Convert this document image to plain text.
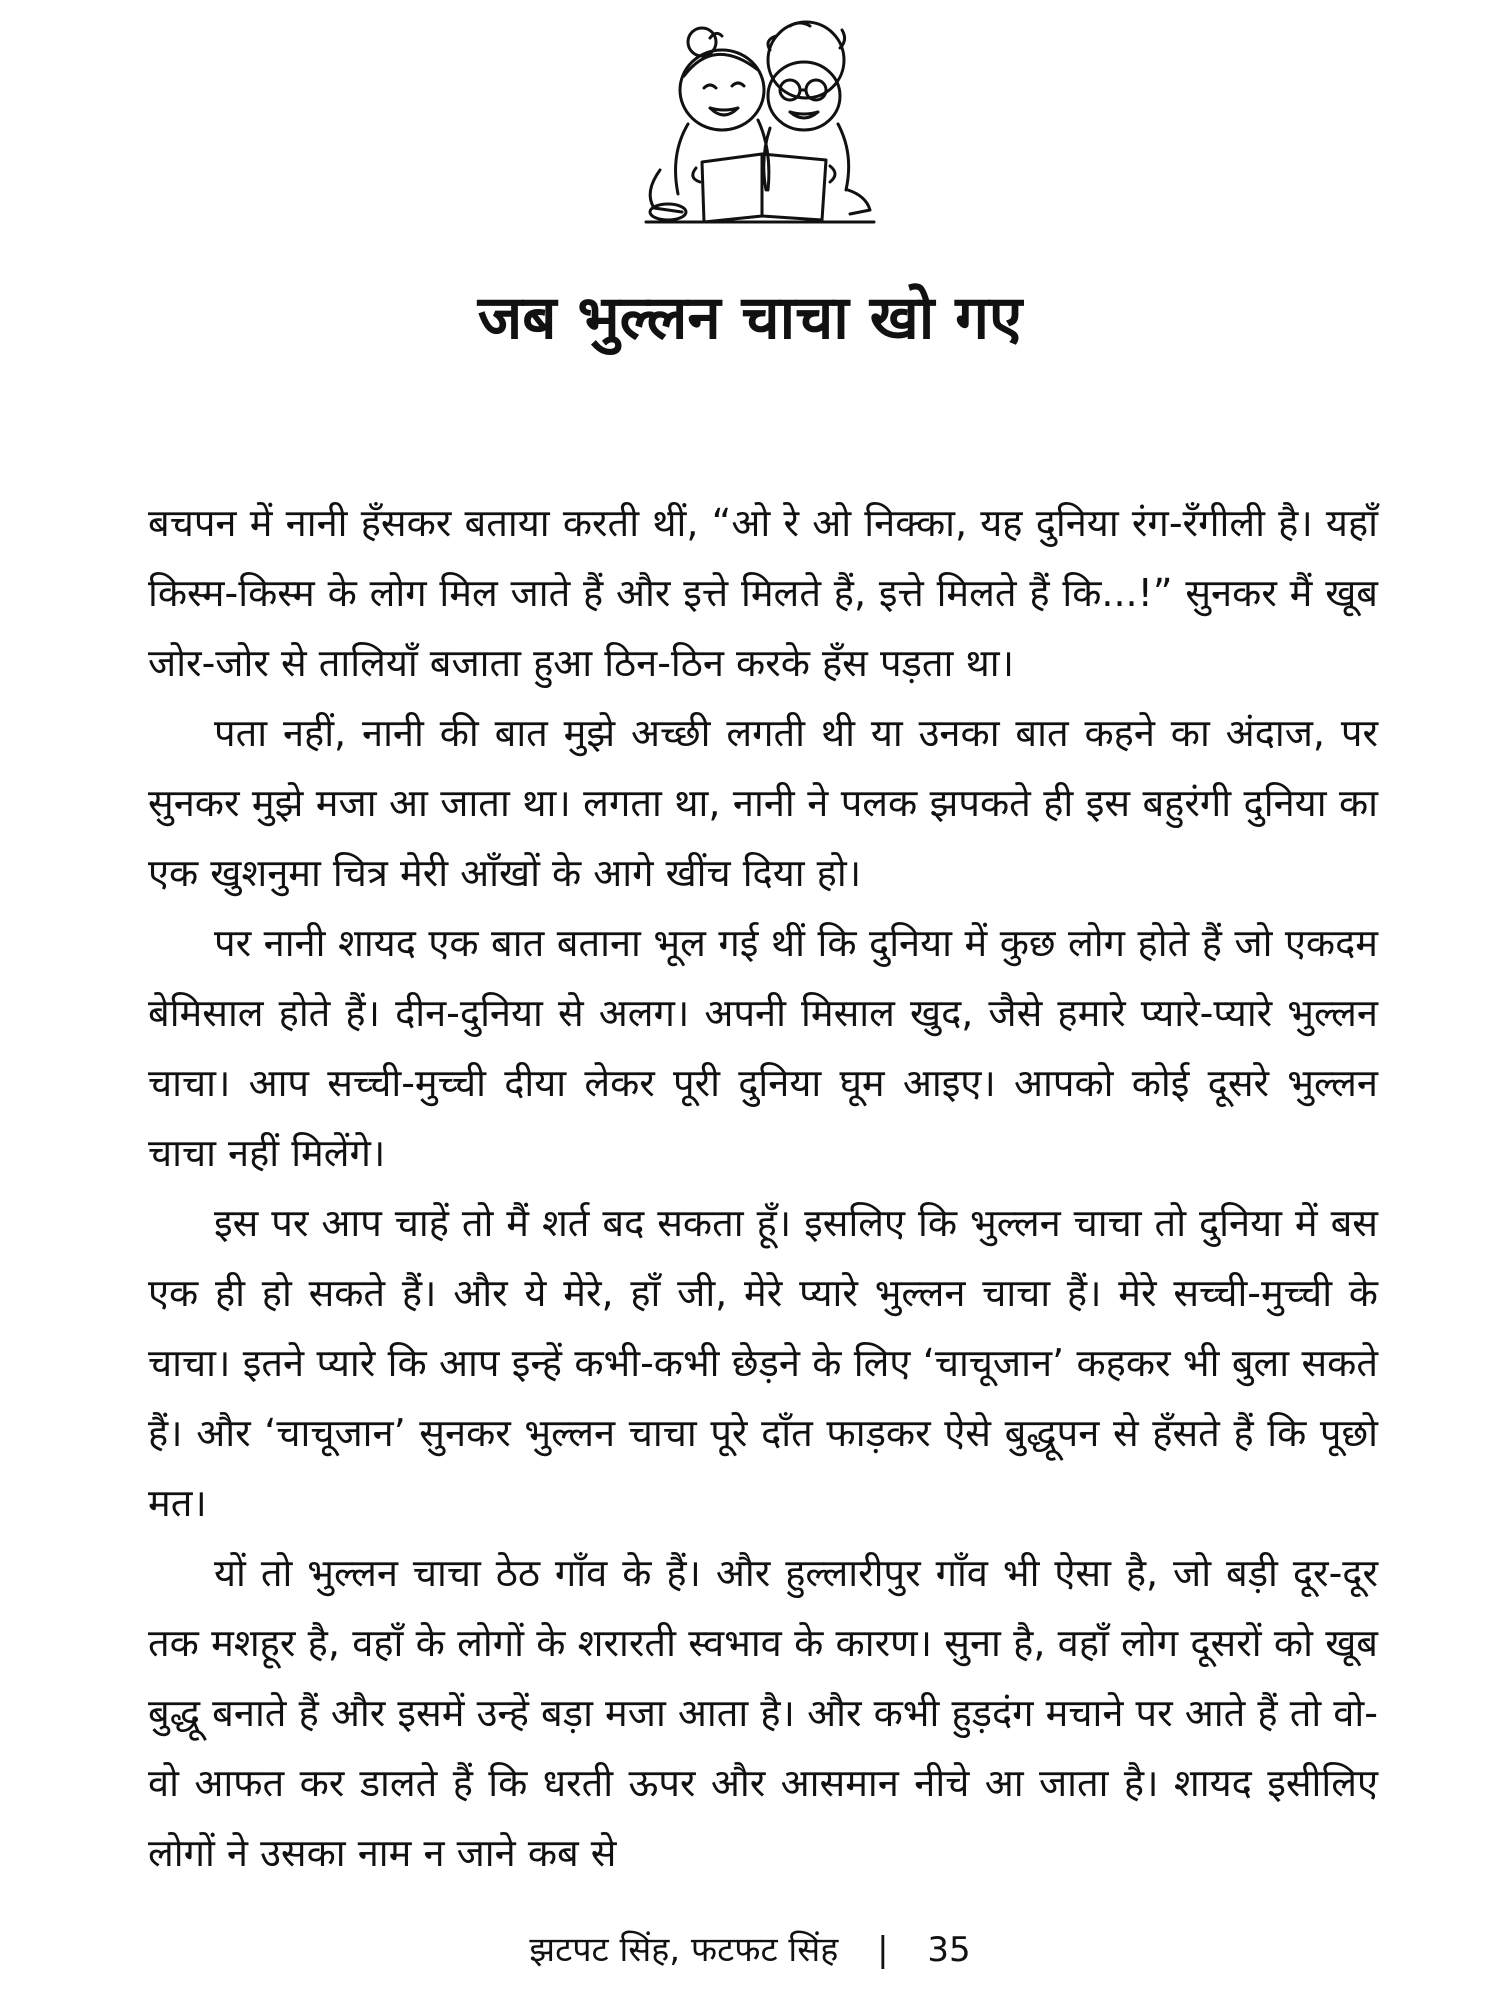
जब भुल्लन चाचा खो गए

बचपन में नानी हँसकर बताया करती थीं, “ओ रे ओ निक्का, यह दुनिया रंग-रँगीली है। यहाँ किस्म-किस्म के लोग मिल जाते हैं और इत्ते मिलते हैं, इत्ते मिलते हैं कि...!” सुनकर मैं खूब जोर-जोर से तालियाँ बजाता हुआ ठिन-ठिन करके हँस पड़ता था।

पता नहीं, नानी की बात मुझे अच्छी लगती थी या उनका बात कहने का अंदाज, पर सुनकर मुझे मजा आ जाता था। लगता था, नानी ने पलक झपकते ही इस बहुरंगी दुनिया का एक खुशनुमा चित्र मेरी आँखों के आगे खींच दिया हो।

पर नानी शायद एक बात बताना भूल गई थीं कि दुनिया में कुछ लोग होते हैं जो एकदम बेमिसाल होते हैं। दीन-दुनिया से अलग। अपनी मिसाल खुद, जैसे हमारे प्यारे-प्यारे भुल्लन चाचा। आप सच्ची-मुच्ची दीया लेकर पूरी दुनिया घूम आइए। आपको कोई दूसरे भुल्लन चाचा नहीं मिलेंगे।

इस पर आप चाहें तो मैं शर्त बद सकता हूँ। इसलिए कि भुल्लन चाचा तो दुनिया में बस एक ही हो सकते हैं। और ये मेरे, हाँ जी, मेरे प्यारे भुल्लन चाचा हैं। मेरे सच्ची-मुच्ची के चाचा। इतने प्यारे कि आप इन्हें कभी-कभी छेड़ने के लिए ‘चाचूजान’ कहकर भी बुला सकते हैं। और ‘चाचूजान’ सुनकर भुल्लन चाचा पूरे दाँत फाड़कर ऐसे बुद्धूपन से हँसते हैं कि पूछो मत।

यों तो भुल्लन चाचा ठेठ गाँव के हैं। और हुल्लारीपुर गाँव भी ऐसा है, जो बड़ी दूर-दूर तक मशहूर है, वहाँ के लोगों के शरारती स्वभाव के कारण। सुना है, वहाँ लोग दूसरों को खूब बुद्धू बनाते हैं और इसमें उन्हें बड़ा मजा आता है। और कभी हुड़दंग मचाने पर आते हैं तो वो-वो आफत कर डालते हैं कि धरती ऊपर और आसमान नीचे आ जाता है। शायद इसीलिए लोगों ने उसका नाम न जाने कब से

झटपट सिंह, फटफट सिंह | 35
